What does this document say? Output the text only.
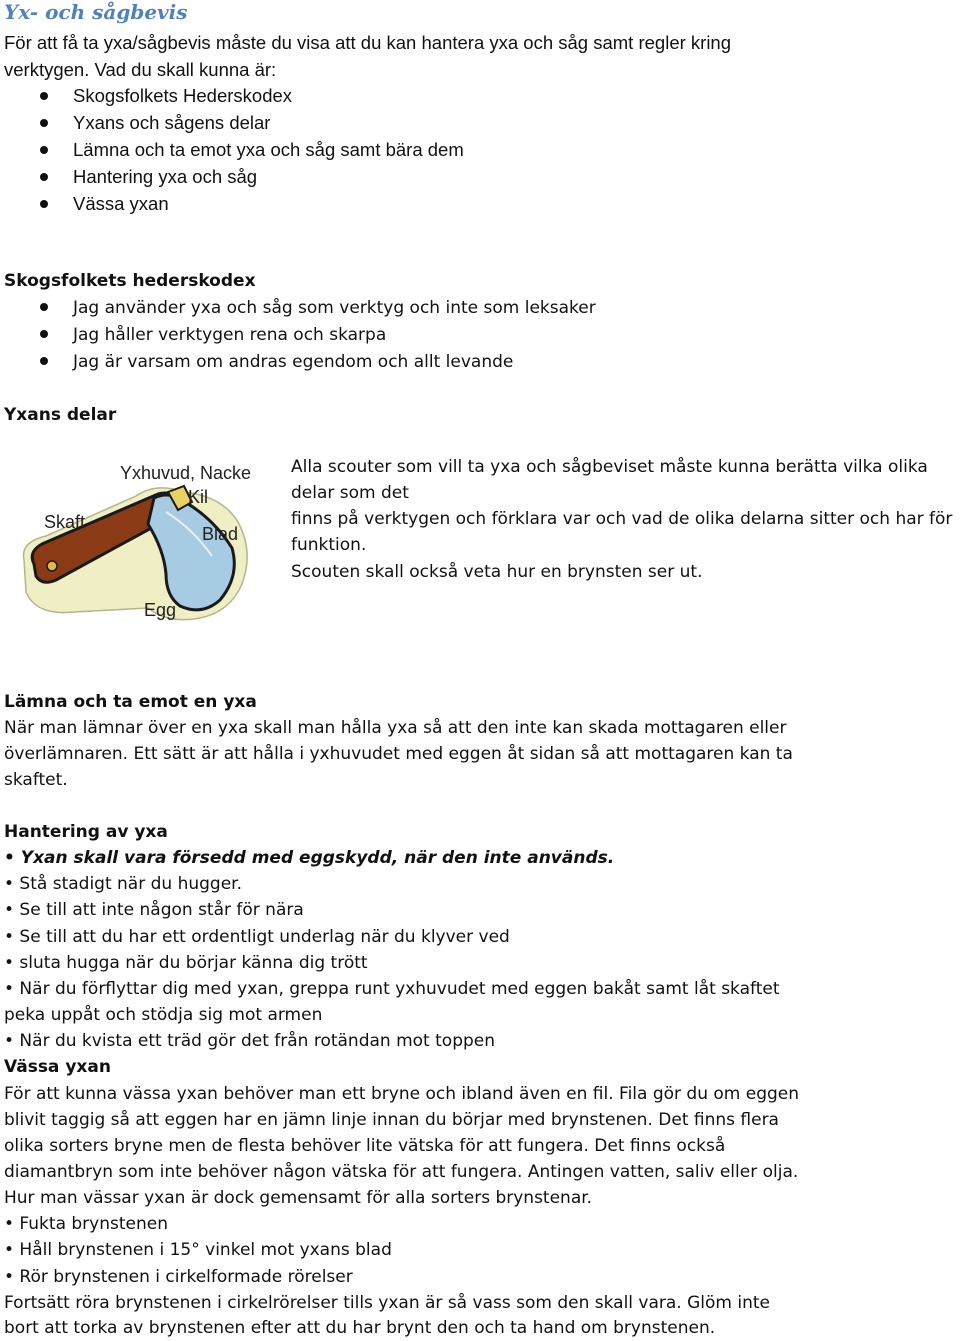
Yx- och sågbevis
För att få ta yxa/sågbevis måste du visa att du kan hantera yxa och såg samt regler kring
verktygen. Vad du skall kunna är:
Skogsfolkets Hederskodex
Yxans och sågens delar
Lämna och ta emot yxa och såg samt bära dem
Hantering yxa och såg
Vässa yxan
Skogsfolkets hederskodex
Jag använder yxa och såg som verktyg och inte som leksaker
Jag håller verktygen rena och skarpa
Jag är varsam om andras egendom och allt levande
Yxans delar
Yxhuvud, Nacke
Kil
Skaft
Blad
Egg
Alla scouter som vill ta yxa och sågbeviset måste kunna berätta vilka olika
delar som det
finns på verktygen och förklara var och vad de olika delarna sitter och har för
funktion.
Scouten skall också veta hur en brynsten ser ut.
Lämna och ta emot en yxa
När man lämnar över en yxa skall man hålla yxa så att den inte kan skada mottagaren eller
överlämnaren. Ett sätt är att hålla i yxhuvudet med eggen åt sidan så att mottagaren kan ta
skaftet.
Hantering av yxa
• Yxan skall vara försedd med eggskydd, när den inte används.
• Stå stadigt när du hugger.
• Se till att inte någon står för nära
• Se till att du har ett ordentligt underlag när du klyver ved
• sluta hugga när du börjar känna dig trött
• När du förflyttar dig med yxan, greppa runt yxhuvudet med eggen bakåt samt låt skaftet
peka uppåt och stödja sig mot armen
• När du kvista ett träd gör det från rotändan mot toppen
Vässa yxan
För att kunna vässa yxan behöver man ett bryne och ibland även en fil. Fila gör du om eggen
blivit taggig så att eggen har en jämn linje innan du börjar med brynstenen. Det finns flera
olika sorters bryne men de flesta behöver lite vätska för att fungera. Det finns också
diamantbryn som inte behöver någon vätska för att fungera. Antingen vatten, saliv eller olja.
Hur man vässar yxan är dock gemensamt för alla sorters brynstenar.
• Fukta brynstenen
• Håll brynstenen i 15° vinkel mot yxans blad
• Rör brynstenen i cirkelformade rörelser
Fortsätt röra brynstenen i cirkelrörelser tills yxan är så vass som den skall vara. Glöm inte
bort att torka av brynstenen efter att du har brynt den och ta hand om brynstenen.
